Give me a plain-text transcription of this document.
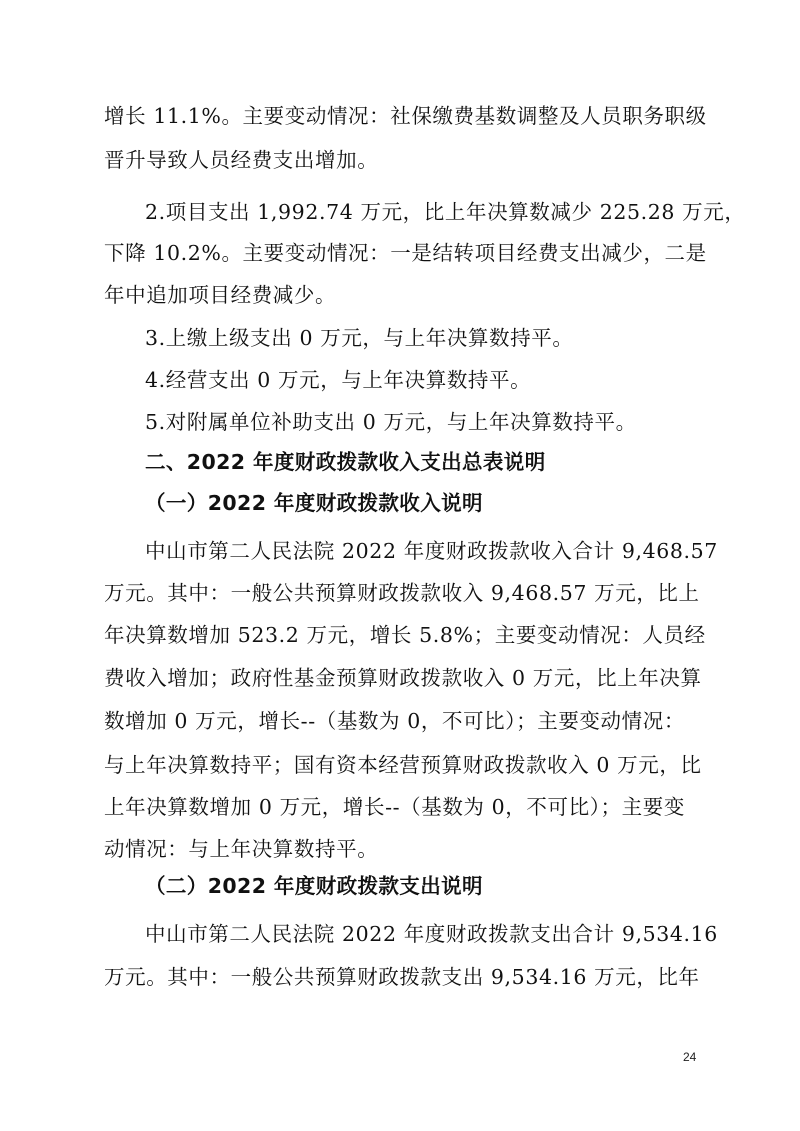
增长 11.1%。主要变动情况：社保缴费基数调整及人员职务职级
晋升导致人员经费支出增加。
2.项目支出 1,992.74 万元，比上年决算数减少 225.28 万元，
下降 10.2%。主要变动情况：一是结转项目经费支出减少，二是
年中追加项目经费减少。
3.上缴上级支出 0 万元，与上年决算数持平。
4.经营支出 0 万元，与上年决算数持平。
5.对附属单位补助支出 0 万元，与上年决算数持平。
二、2022 年度财政拨款收入支出总表说明
（一）2022 年度财政拨款收入说明
中山市第二人民法院 2022 年度财政拨款收入合计 9,468.57
万元。其中：一般公共预算财政拨款收入 9,468.57 万元，比上
年决算数增加 523.2 万元，增长 5.8%；主要变动情况：人员经
费收入增加；政府性基金预算财政拨款收入 0 万元，比上年决算
数增加 0 万元，增长--（基数为 0，不可比）；主要变动情况：
与上年决算数持平；国有资本经营预算财政拨款收入 0 万元，比
上年决算数增加 0 万元，增长--（基数为 0，不可比）；主要变
动情况：与上年决算数持平。
（二）2022 年度财政拨款支出说明
中山市第二人民法院 2022 年度财政拨款支出合计 9,534.16
万元。其中：一般公共预算财政拨款支出 9,534.16 万元，比年
24
